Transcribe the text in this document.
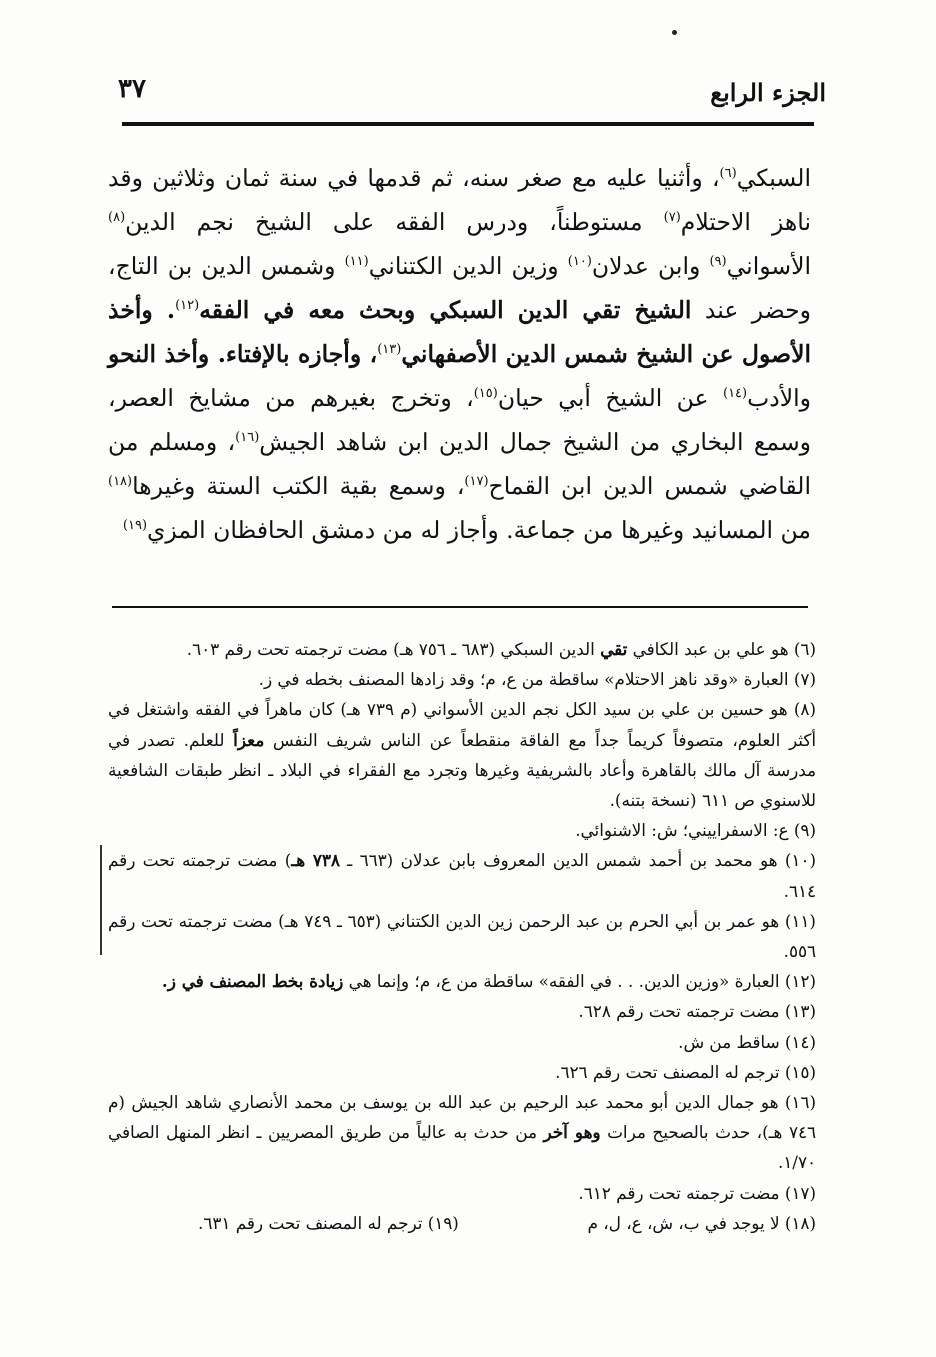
الجزء الرابع
٣٧
السبكي$^{(٦)}$، وأثنيا عليه مع صغر سنه، ثم قدمها في سنة ثمان وثلاثين وقد ناهز الاحتلام$^{(٧)}$ مستوطناً، ودرس الفقه على الشيخ نجم الدين$^{(٨)}$ الأسواني$^{(٩)}$ وابن عدلان$^{(١٠)}$ وزين الدين الكتناني$^{(١١)}$ وشمس الدين بن التاج، وحضر عند الشيخ تقي الدين السبكي وبحث معه في الفقه$^{(١٢)}$. وأخذ الأصول عن الشيخ شمس الدين الأصفهاني$^{(١٣)}$، وأجازه بالإفتاء. وأخذ النحو والأدب$^{(١٤)}$ عن الشيخ أبي حيان$^{(١٥)}$، وتخرج بغيرهم من مشايخ العصر، وسمع البخاري من الشيخ جمال الدين ابن شاهد الجيش$^{(١٦)}$، ومسلم من القاضي شمس الدين ابن القماح$^{(١٧)}$، وسمع بقية الكتب الستة وغيرها$^{(١٨)}$ من المسانيد وغيرها من جماعة. وأجاز له من دمشق الحافظان المزي$^{(١٩)}$

(٦) هو علي بن عبد الكافي تقي الدين السبكي (٦٨٣ ـ ٧٥٦ هـ) مضت ترجمته تحت رقم ٦٠٣.

(٧) العبارة «وقد ناهز الاحتلام» ساقطة من ع، م؛ وقد زادها المصنف بخطه في ز.

(٨) هو حسين بن علي بن سيد الكل نجم الدين الأسواني (م ٧٣٩ هـ) كان ماهراً في الفقه واشتغل في أكثر العلوم، متصوفاً كريماً جداً مع الفاقة منقطعاً عن الناس شريف النفس معزاً للعلم. تصدر في مدرسة آل مالك بالقاهرة وأعاد بالشريفية وغيرها وتجرد مع الفقراء في البلاد ـ انظر طبقات الشافعية للاسنوي ص ٦١١ (نسخة بتنه).

(٩) ع: الاسفراييني؛ ش: الاشنوائي.

(١٠) هو محمد بن أحمد شمس الدين المعروف بابن عدلان (٦٦٣ ـ ٧٣٨ هـ) مضت ترجمته تحت رقم ٦١٤.

(١١) هو عمر بن أبي الحرم بن عبد الرحمن زين الدين الكتناني (٦٥٣ ـ ٧٤٩ هـ) مضت ترجمته تحت رقم ٥٥٦.

(١٢) العبارة «وزين الدين. . . في الفقه» ساقطة من ع، م؛ وإنما هي زيادة بخط المصنف في ز.

(١٣) مضت ترجمته تحت رقم ٦٢٨.

(١٤) ساقط من ش.

(١٥) ترجم له المصنف تحت رقم ٦٢٦.

(١٦) هو جمال الدين أبو محمد عبد الرحيم بن عبد الله بن يوسف بن محمد الأنصاري شاهد الجيش (م ٧٤٦ هـ)، حدث بالصحيح مرات وهو آخر من حدث به عالياً من طريق المصريين ـ انظر المنهل الصافي ١/٧٠.

(١٧) مضت ترجمته تحت رقم ٦١٢.

(١٨) لا يوجد في ب، ش، ع، ل، م

(١٩) ترجم له المصنف تحت رقم ٦٣١.
